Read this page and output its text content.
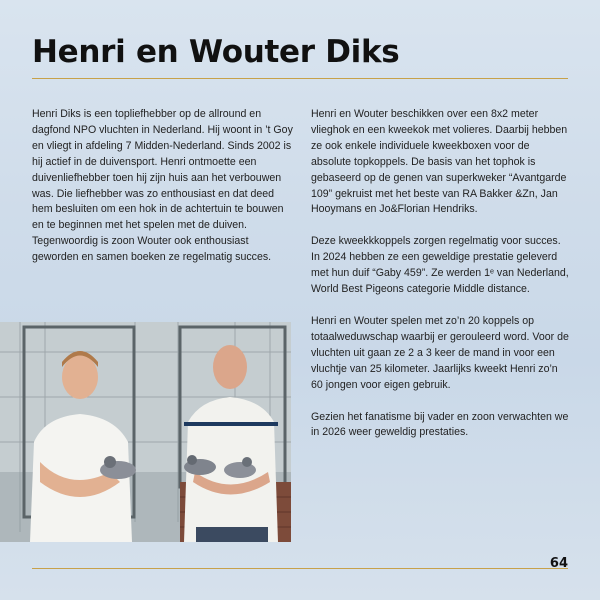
Henri en Wouter Diks

Henri Diks is een topliefhebber op de allround en dagfond NPO vluchten in Nederland. Hij woont in ’t Goy en vliegt in afdeling 7 Midden-Nederland. Sinds 2002 is hij actief in de duivensport. Henri ontmoette een duivenliefhebber toen hij zijn huis aan het verbouwen was. Die liefhebber was zo enthousiast en dat deed hem besluiten om een hok in de achtertuin te bouwen en te beginnen met het spelen met de duiven. Tegenwoordig is zoon Wouter ook enthousiast geworden en samen boeken ze regelmatig succes.

Henri en Wouter beschikken over een 8x2 meter vlieghok en een kweekok met volieres. Daarbij hebben ze ook enkele individuele kweekboxen voor de absolute topkoppels. De basis van het tophok is gebaseerd op de genen van superkweker “Avantgarde 109” gekruist met het beste van RA Bakker &Zn, Jan Hooymans en Jo&Florian Hendriks.

Deze kweekkkoppels zorgen regelmatig voor succes. In 2024 hebben ze een geweldige prestatie geleverd met hun duif “Gaby 459”. Ze werden 1ᵉ van Nederland, World Best Pigeons categorie Middle distance.

Henri en Wouter spelen met zo’n 20 koppels op totaalweduwschap waarbij er gerouleerd word. Voor de vluchten uit gaan ze 2 a 3 keer de mand in voor een vluchtje van 25 kilometer. Jaarlijks kweekt Henri zo’n 60 jongen voor eigen gebruik.

Gezien het fanatisme bij vader en zoon verwachten we in 2026 weer geweldig prestaties.

64
